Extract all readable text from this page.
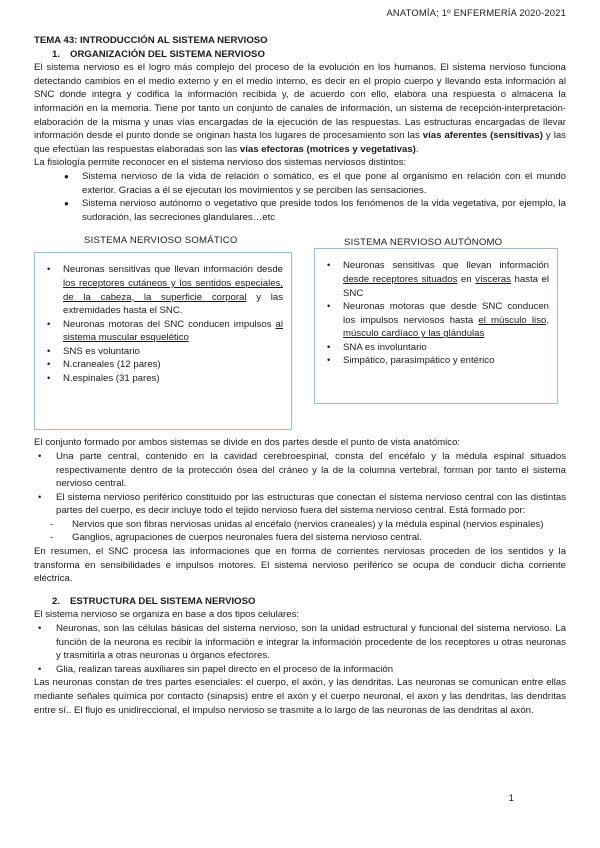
ANATOMÍA; 1º ENFERMERÍA 2020-2021
TEMA 43: INTRODUCCIÓN AL SISTEMA NERVIOSO
1. ORGANIZACIÓN DEL SISTEMA NERVIOSO
El sistema nervioso es el logro más complejo del proceso de la evolución en los humanos. El sistema nervioso funciona detectando cambios en el medio externo y en el medio interno, es decir en el propio cuerpo y llevando esta información al SNC donde integra y codifica la información recibida y, de acuerdo con ello, elabora una respuesta o almacena la información en la memoria. Tiene por tanto un conjunto de canales de información, un sistema de recepción-interpretación-elaboración de la misma y unas vías encargadas de la ejecución de las respuestas. Las estructuras encargadas de llevar información desde el punto donde se originan hasta los lugares de procesamiento son las vías aferentes (sensitivas) y las que efectúan las respuestas elaboradas son las vías efectoras (motrices y vegetativas).
La fisiología permite reconocer en el sistema nervioso dos sistemas nerviosos distintos:
● Sistema nervioso de la vida de relación o somático, es el que pone al organismo en relación con el mundo exterior. Gracias a él se ejecutan los movimientos y se perciben las sensaciones.
● Sistema nervioso autónomo o vegetativo que preside todos los fenómenos de la vida vegetativa, por ejemplo, la sudoración, las secreciones glandulares…etc
SISTEMA NERVIOSO SOMÁTICO	SISTEMA NERVIOSO AUTÓNOMO
• Neuronas sensitivas que llevan información desde los receptores cutáneos y los sentidos especiales, de la cabeza, la superficie corporal y las extremidades hasta el SNC.
• Neuronas motoras del SNC conducen impulsos al sistema muscular esquelético
• SNS es voluntario
• N.craneales (12 pares)
• N.espinales (31 pares)
• Neuronas sensitivas que llevan información desde receptores situados en vísceras hasta el SNC
• Neuronas motoras que desde SNC conducen los impulsos nerviosos hasta el músculo liso, músculo cardíaco y las glándulas
• SNA es involuntario
• Simpático, parasimpático y entérico
El conjunto formado por ambos sistemas se divide en dos partes desde el punto de vista anatómico:
• Una parte central, contenido en la cavidad cerebroespinal, consta del encéfalo y la médula espinal situados respectivamente dentro de la protección ósea del cráneo y la de la columna vertebral, forman por tanto el sistema nervioso central.
• El sistema nervioso periférico constituido por las estructuras que conectan el sistema nervioso central con las distintas partes del cuerpo, es decir incluye todo el tejido nervioso fuera del sistema nervioso central. Está formado por:
- Nervios que son fibras nerviosas unidas al encéfalo (nervios craneales) y la médula espinal (nervios espinales)
- Ganglios, agrupaciones de cuerpos neuronales fuera del sistema nervioso central.
En resumen, el SNC procesa las informaciones que en forma de corrientes nerviosas proceden de los sentidos y la transforma en sensibilidades e impulsos motores. El sistema nervioso periférico se ocupa de conducir dicha corriente eléctrica.
2. ESTRUCTURA DEL SISTEMA NERVIOSO
El sistema nervioso se organiza en base a dos tipos celulares:
• Neuronas, son las células básicas del sistema nervioso, son la unidad estructural y funcional del sistema nervioso. La función de la neurona es recibir la información e integrar la información procedente de los receptores u otras neuronas y trasmitirla a otras neuronas u órganos efectores.
• Glia, realizan tareas auxiliares sin papel directo en el proceso de la información
Las neuronas constan de tres partes esenciales: el cuerpo, el axón, y las dendritas. Las neuronas se comunican entre ellas mediante señales química por contacto (sinapsis) entre el axón y el cuerpo neuronal, el axon y las dendritas, las dendritas entre sí.. El flujo es unidireccional, el impulso nervioso se trasmite a lo largo de las neuronas de las dendritas al axón.
1
